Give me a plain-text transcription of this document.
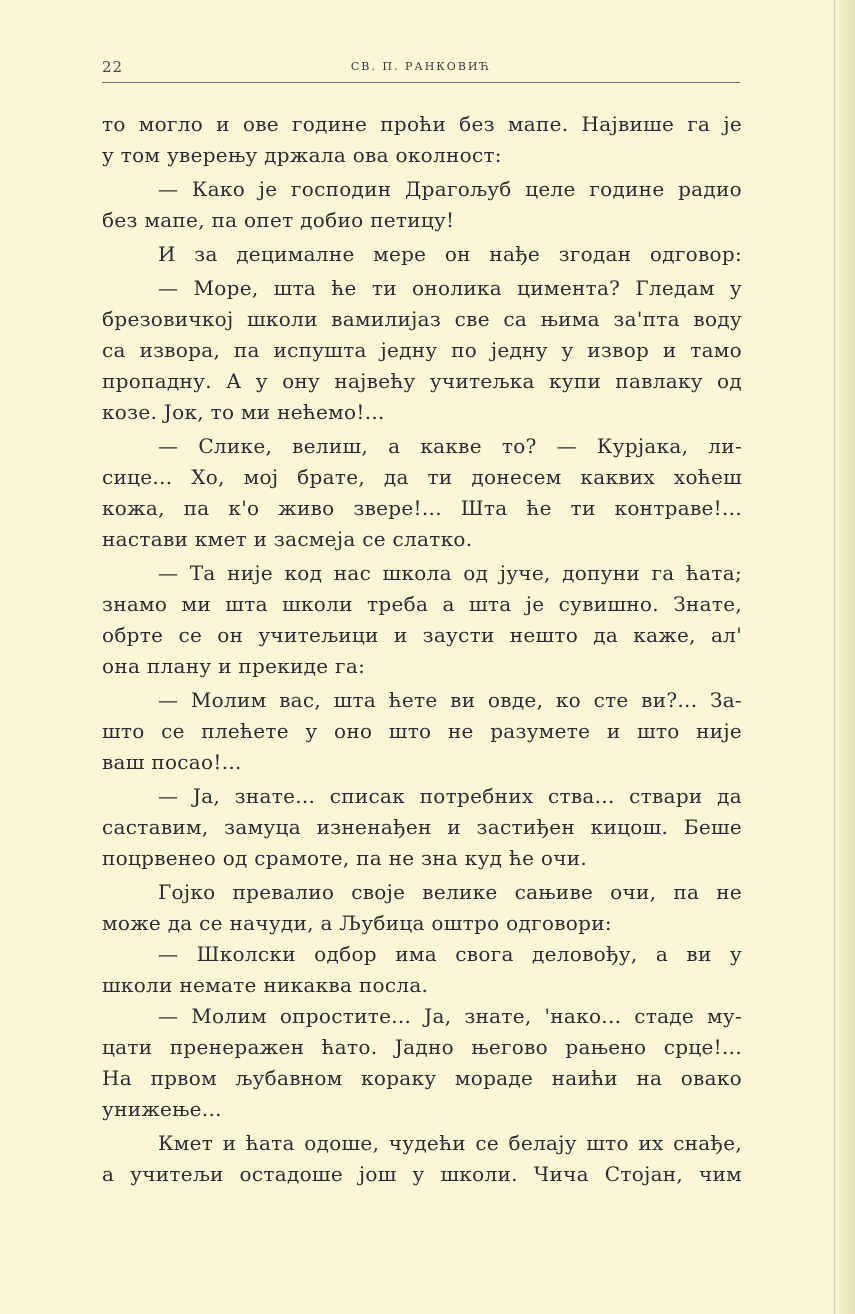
22	СВ. П. РАНКОВИЋ
то могло и ове године проћи без мапе. Највише га је
у том уверењу држала ова околност:
— Како је господин Драгољуб целе године радио
без мапе, па опет добио петицу!
И за децималне мере он нађе згодан одговор:
— Море, шта ће ти онолика цимента? Гледам у
брезовичкој школи вамилијаз све са њима за'пта воду
са извора, па испушта једну по једну у извор и тамо
пропадну. А у ону највећу учитељка купи павлаку од
козе. Јок, то ми нећемо!...
— Слике, велиш, а какве то? — Курјака, ли-
сице... Хо, мој брате, да ти донесем каквих хоћеш
кожа, па к'о живо звере!... Шта ће ти контраве!...
настави кмет и засмеја се слатко.
— Та није код нас школа од јуче, допуни га ћата;
знамо ми шта школи треба а шта је сувишно. Знате,
обрте се он учитељици и заусти нешто да каже, ал'
она плану и прекиде га:
— Молим вас, шта ћете ви овде, ко сте ви?... За-
што се плећете у оно што не разумете и што није
ваш посао!...
— Ја, знате... списак потребних ства... ствари да
саставим, замуца изненађен и застиђен кицош. Беше
поцрвенео од срамоте, па не зна куд ће очи.
Гојко превалио своје велике сањиве очи, па не
може да се начуди, а Љубица оштро одговори:
— Школски одбор има свога деловођу, а ви у
школи немате никаква посла.
— Молим опростите... Ја, знате, 'нако... стаде му-
цати пренеражен ћато. Јадно његово рањено срце!...
На првом љубавном кораку мораде наићи на овако
унижење...
Кмет и ћата одоше, чудећи се белају што их снађе,
а учитељи остадоше још у школи. Чича Стојан, чим
